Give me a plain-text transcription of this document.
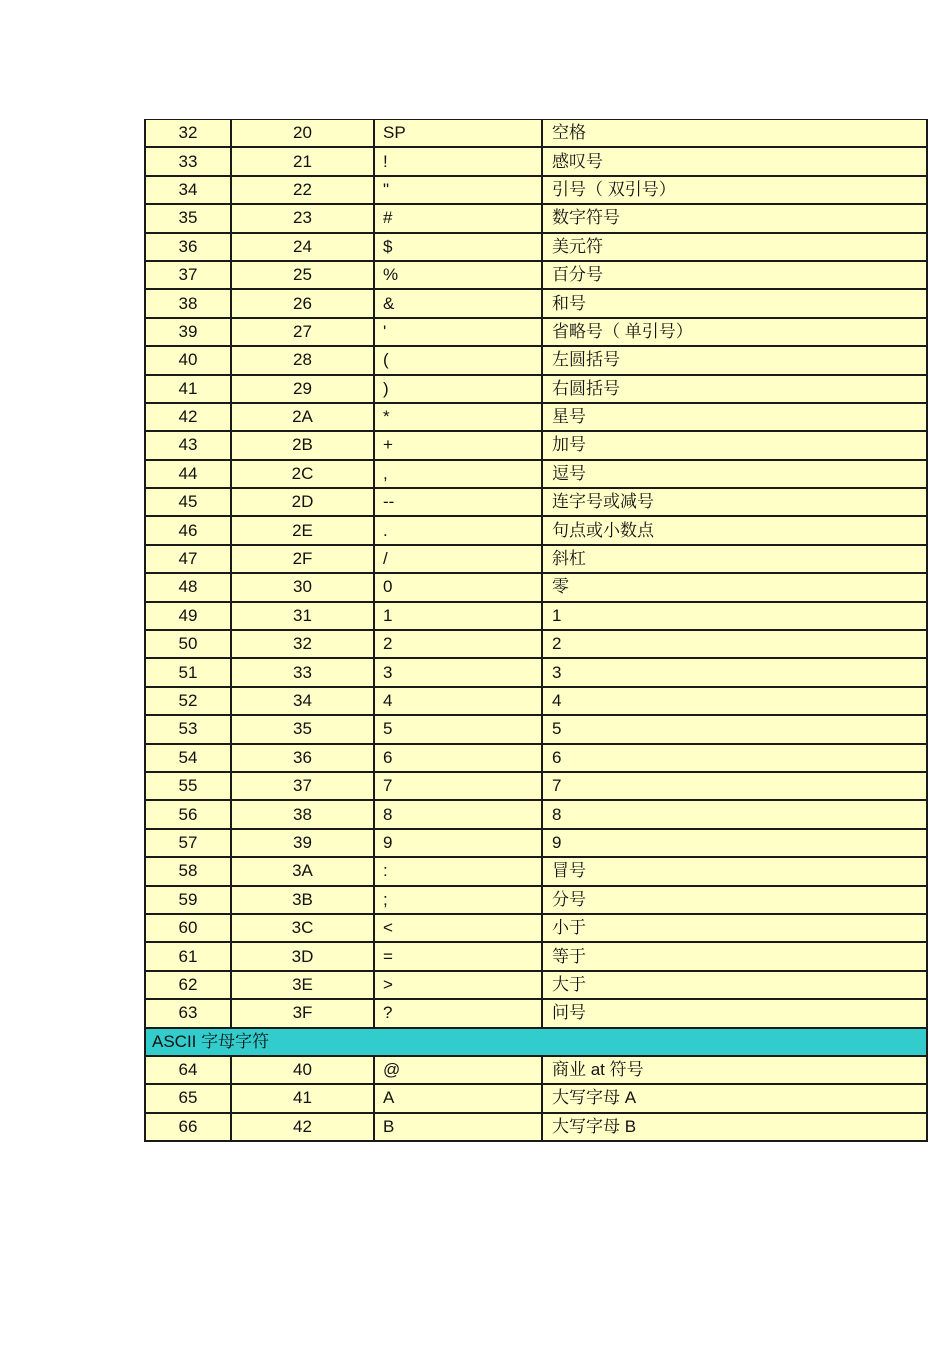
32	20	SP	空格
33	21	!	感叹号
34	22	"	引号（ 双引号）
35	23	#	数字符号
36	24	$	美元符
37	25	%	百分号
38	26	&	和号
39	27	'	省略号（ 单引号）
40	28	(	左圆括号
41	29	)	右圆括号
42	2A	*	星号
43	2B	+	加号
44	2C	,	逗号
45	2D	--	连字号或减号
46	2E	.	句点或小数点
47	2F	/	斜杠
48	30	0	零
49	31	1	1
50	32	2	2
51	33	3	3
52	34	4	4
53	35	5	5
54	36	6	6
55	37	7	7
56	38	8	8
57	39	9	9
58	3A	:	冒号
59	3B	;	分号
60	3C	<	小于
61	3D	=	等于
62	3E	>	大于
63	3F	?	问号
ASCII 字母字符			
64	40	@	商业 at 符号
65	41	A	大写字母 A
66	42	B	大写字母 B
